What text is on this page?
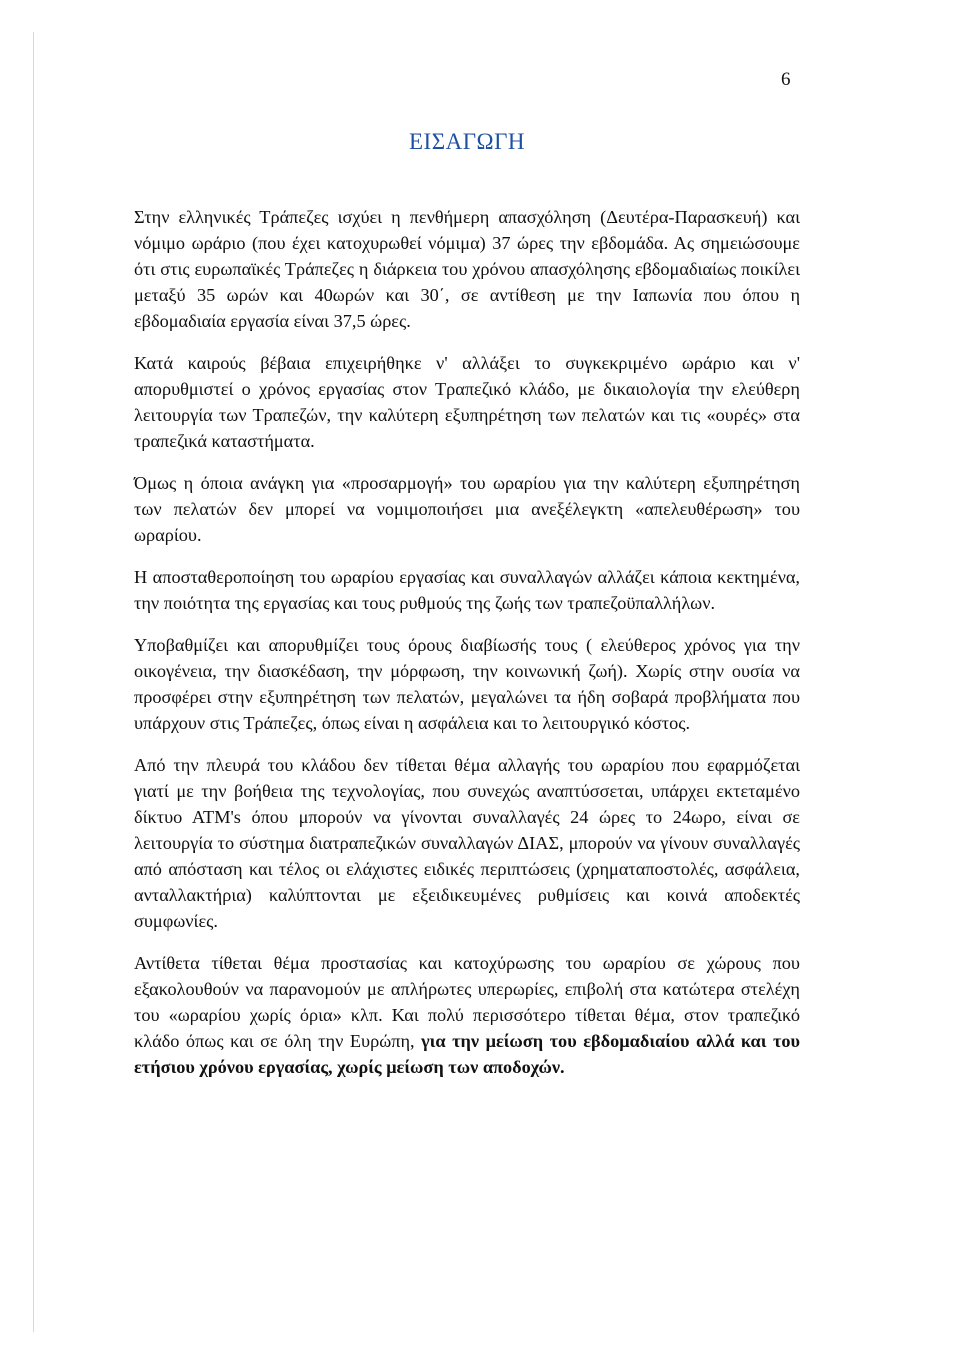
6
ΕΙΣΑΓΩΓΗ

Στην ελληνικές Τράπεζες ισχύει η πενθήμερη απασχόληση (Δευτέρα-Παρασκευή) και νόμιμο ωράριο (που έχει κατοχυρωθεί νόμιμα) 37 ώρες την εβδομάδα. Ας σημειώσουμε ότι στις ευρωπαϊκές Τράπεζες η διάρκεια του χρόνου απασχόλησης εβδομαδιαίως ποικίλει μεταξύ 35 ωρών και 40ωρών και 30΄, σε αντίθεση με την Ιαπωνία που όπου η εβδομαδιαία εργασία είναι 37,5 ώρες.

Κατά καιρούς βέβαια επιχειρήθηκε ν' αλλάξει το συγκεκριμένο ωράριο και ν' απορυθμιστεί ο χρόνος εργασίας στον Τραπεζικό κλάδο, με δικαιολογία την ελεύθερη λειτουργία των Τραπεζών, την καλύτερη εξυπηρέτηση των πελατών και τις «ουρές» στα τραπεζικά καταστήματα.

Όμως η όποια ανάγκη για «προσαρμογή» του ωραρίου για την καλύτερη εξυπηρέτηση των πελατών δεν μπορεί να νομιμοποιήσει μια ανεξέλεγκτη «απελευθέρωση» του ωραρίου.

Η αποσταθεροποίηση του ωραρίου εργασίας και συναλλαγών αλλάζει κάποια κεκτημένα, την ποιότητα της εργασίας και τους ρυθμούς της ζωής των τραπεζοϋπαλλήλων.

Υποβαθμίζει και απορυθμίζει τους όρους διαβίωσής τους ( ελεύθερος χρόνος για την οικογένεια, την διασκέδαση, την μόρφωση, την κοινωνική ζωή). Χωρίς στην ουσία να προσφέρει στην εξυπηρέτηση των πελατών, μεγαλώνει τα ήδη σοβαρά προβλήματα που υπάρχουν στις Τράπεζες, όπως είναι η ασφάλεια και το λειτουργικό κόστος.

Από την πλευρά του κλάδου δεν τίθεται θέμα αλλαγής του ωραρίου που εφαρμόζεται γιατί με την βοήθεια της τεχνολογίας, που συνεχώς αναπτύσσεται, υπάρχει εκτεταμένο δίκτυο ΑΤΜ's όπου μπορούν να γίνονται συναλλαγές 24 ώρες το 24ωρο, είναι σε λειτουργία το σύστημα διατραπεζικών συναλλαγών ΔΙΑΣ, μπορούν να γίνουν συναλλαγές από απόσταση και τέλος οι ελάχιστες ειδικές περιπτώσεις (χρηματαποστολές, ασφάλεια, ανταλλακτήρια) καλύπτονται με εξειδικευμένες ρυθμίσεις και κοινά αποδεκτές συμφωνίες.

Αντίθετα τίθεται θέμα προστασίας και κατοχύρωσης του ωραρίου σε χώρους που εξακολουθούν να παρανομούν με απλήρωτες υπερωρίες, επιβολή στα κατώτερα στελέχη του «ωραρίου χωρίς όρια» κλπ. Και πολύ περισσότερο τίθεται θέμα, στον τραπεζικό κλάδο όπως και σε όλη την Ευρώπη, για την μείωση του εβδομαδιαίου αλλά και του ετήσιου χρόνου εργασίας, χωρίς μείωση των αποδοχών.
